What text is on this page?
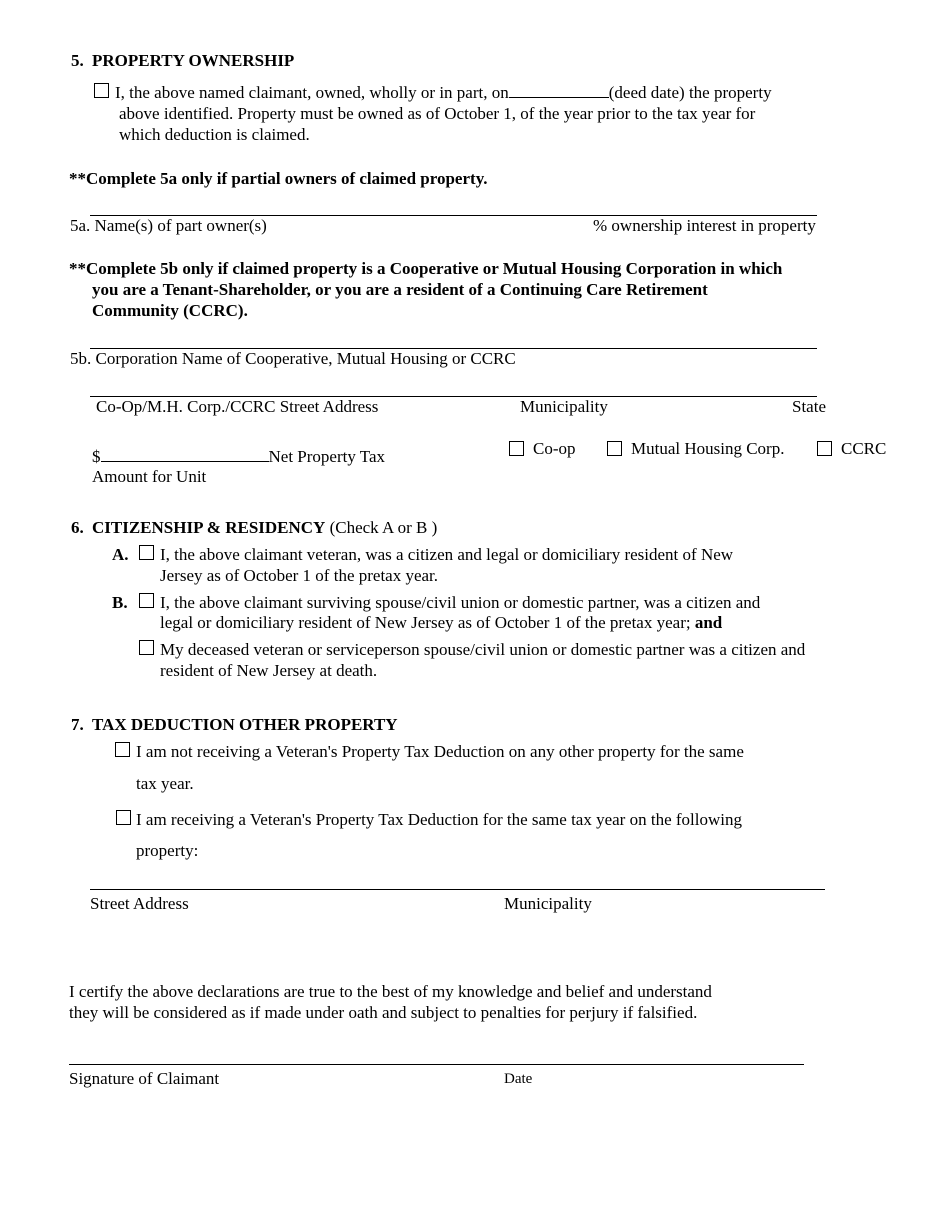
5. PROPERTY OWNERSHIP
I, the above named claimant, owned, wholly or in part, on	(deed date) the property
above identified. Property must be owned as of October 1, of the year prior to the tax year for
which deduction is claimed.
**Complete 5a only if partial owners of claimed property.
5a. Name(s) of part owner(s)	% ownership interest in property
**Complete 5b only if claimed property is a Cooperative or Mutual Housing Corporation in which
you are a Tenant-Shareholder, or you are a resident of a Continuing Care Retirement
Community (CCRC).
5b. Corporation Name of Cooperative, Mutual Housing or CCRC
Co-Op/M.H. Corp./CCRC Street Address	Municipality	State
$	Net Property Tax
Amount for Unit
Co-op	Mutual Housing Corp.	CCRC
6. CITIZENSHIP & RESIDENCY (Check A or B )
A. I, the above claimant veteran, was a citizen and legal or domiciliary resident of New
Jersey as of October 1 of the pretax year.
B. I, the above claimant surviving spouse/civil union or domestic partner, was a citizen and
legal or domiciliary resident of New Jersey as of October 1 of the pretax year; and
My deceased veteran or serviceperson spouse/civil union or domestic partner was a citizen and
resident of New Jersey at death.
7. TAX DEDUCTION OTHER PROPERTY
I am not receiving a Veteran's Property Tax Deduction on any other property for the same
tax year.
I am receiving a Veteran's Property Tax Deduction for the same tax year on the following
property:
Street Address	Municipality
I certify the above declarations are true to the best of my knowledge and belief and understand
they will be considered as if made under oath and subject to penalties for perjury if falsified.
Signature of Claimant	Date
